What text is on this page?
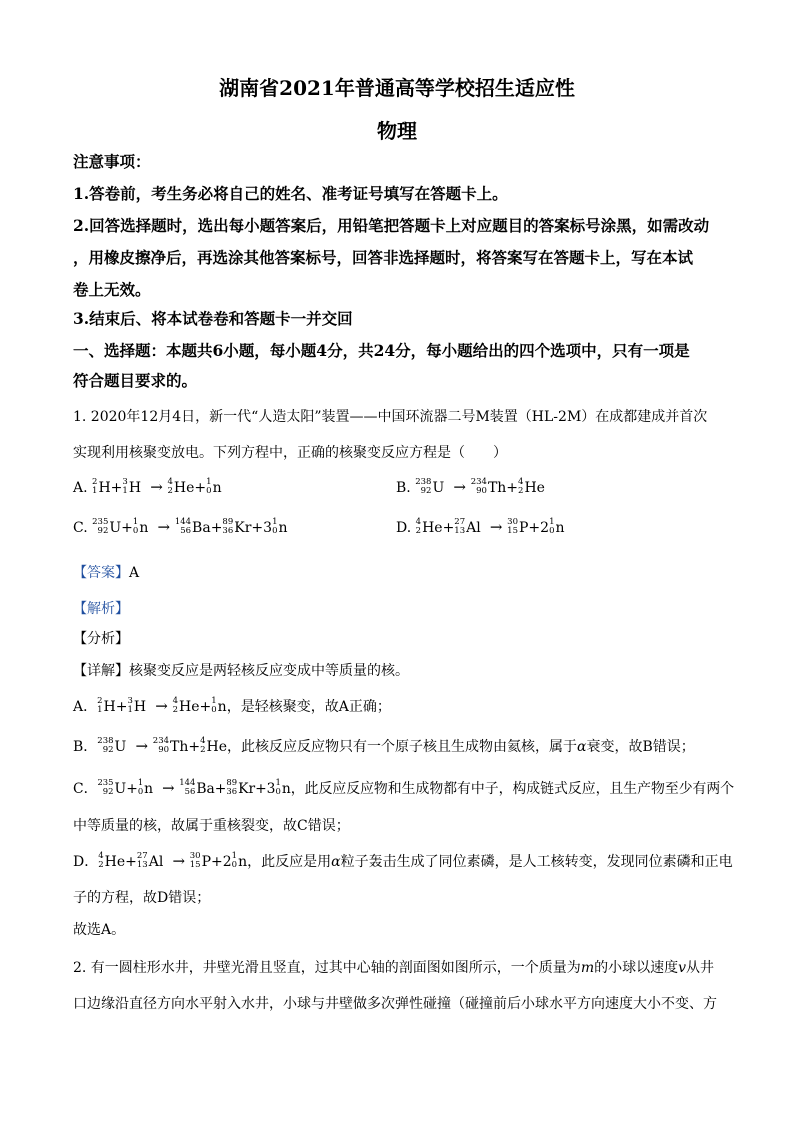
湖南省2021年普通高等学校招生适应性
物理
注意事项：
1.答卷前，考生务必将自己的姓名、准考证号填写在答题卡上。
2.回答选择题时，选出每小题答案后，用铅笔把答题卡上对应题目的答案标号涂黑，如需改动
，用橡皮擦净后，再选涂其他答案标号，回答非选择题时，将答案写在答题卡上，写在本试
卷上无效。
3.结束后、将本试卷卷和答题卡一并交回
一、选择题：本题共6小题，每小题4分，共24分，每小题给出的四个选项中，只有一项是
符合题目要求的。
1. 2020年12月4日，新一代“人造太阳”装置——中国环流器二号M装置（HL-2M）在成都建成并首次
实现利用核聚变放电。下列方程中，正确的核聚变反应方程是（　　）
A. 2
1 H+ 3
1 H → 4
2 He+ 1
0 n	B. 238
92 U → 234
90 Th+ 4
2 He
C. 235
92 U+ 1
0 n → 144
56 Ba+ 89
36 Kr+3 1
0 n	D. 4
2 He+ 27
13 Al → 30
15 P+2 1
0 n
【答案】A
【解析】
【分析】
【详解】核聚变反应是两轻核反应变成中等质量的核。
A． 2
1 H+ 3
1 H → 4
2 He+ 1
0 n，是轻核聚变，故A正确；
B． 238
92 U → 234
90 Th+ 4
2 He，此核反应反应物只有一个原子核且生成物由氦核，属于α衰变，故B错误；
C． 235
92 U+ 1
0 n → 144
56 Ba+ 89
36 Kr+3 1
0 n，此反应反应物和生成物都有中子，构成链式反应，且生产物至少有两个
中等质量的核，故属于重核裂变，故C错误；
D． 4
2 He+ 27
13 Al → 30
15 P+2 1
0 n，此反应是用α粒子轰击生成了同位素磷，是人工核转变，发现同位素磷和正电
子的方程，故D错误；
故选A。
2. 有一圆柱形水井，井壁光滑且竖直，过其中心轴的剖面图如图所示，一个质量为m的小球以速度v从井
口边缘沿直径方向水平射入水井，小球与井壁做多次弹性碰撞（碰撞前后小球水平方向速度大小不变、方
